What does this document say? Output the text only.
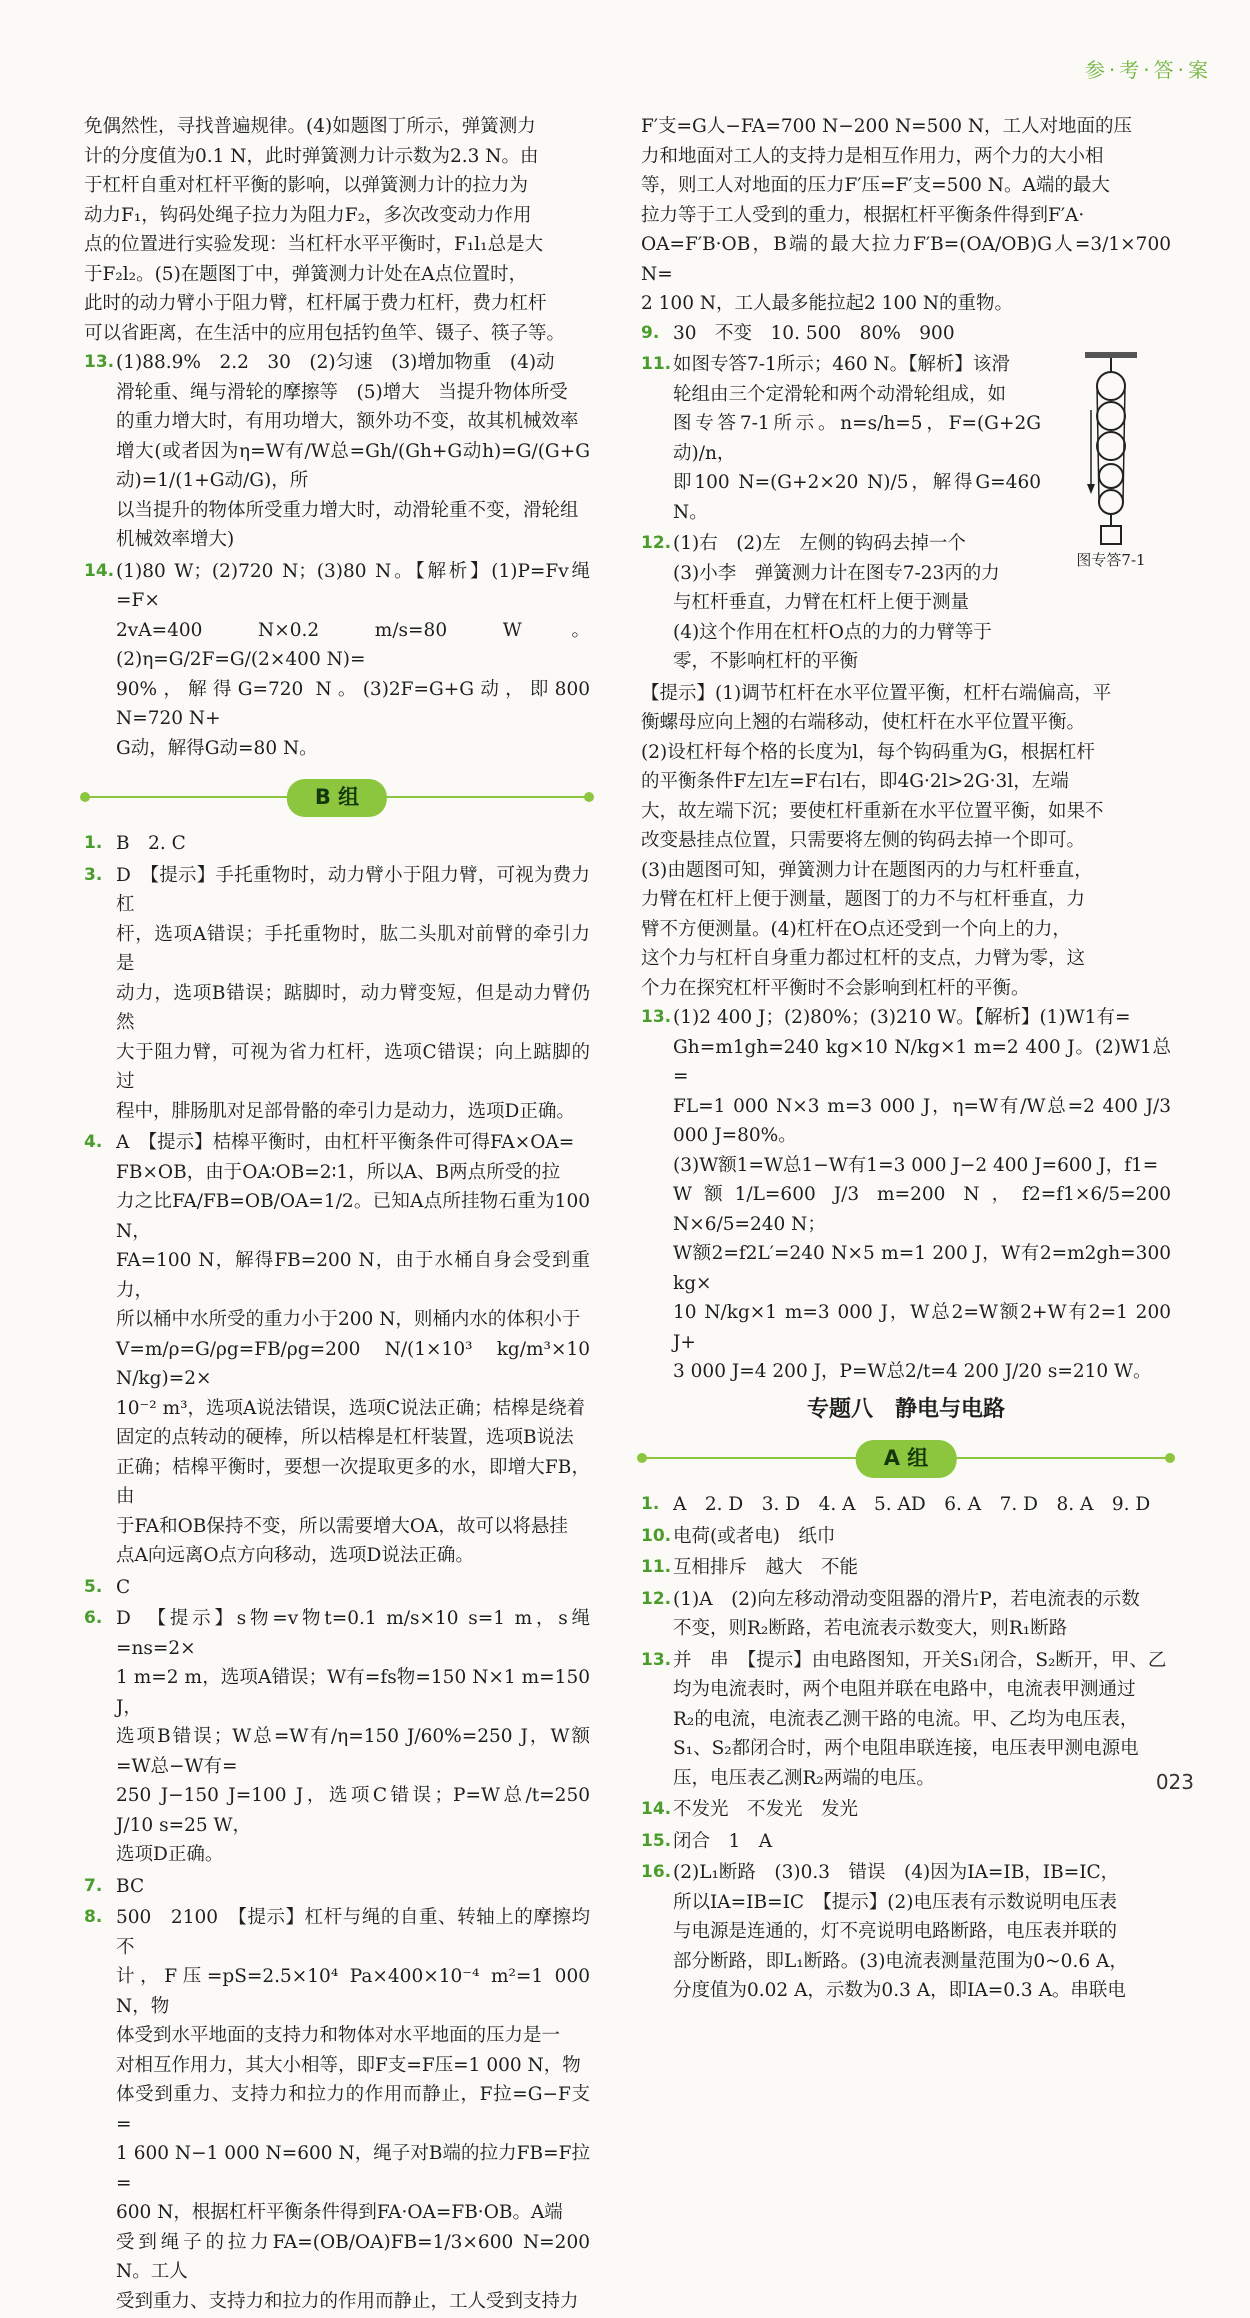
参·考·答·案
免偶然性，寻找普遍规律。(4)如题图丁所示，弹簧测力
计的分度值为0.1 N，此时弹簧测力计示数为2.3 N。由
于杠杆自重对杠杆平衡的影响，以弹簧测力计的拉力为
动力F₁，钩码处绳子拉力为阻力F₂，多次改变动力作用
点的位置进行实验发现：当杠杆水平平衡时，F₁l₁总是大
于F₂l₂。(5)在题图丁中，弹簧测力计处在A点位置时，
此时的动力臂小于阻力臂，杠杆属于费力杠杆，费力杠杆
可以省距离，在生活中的应用包括钓鱼竿、镊子、筷子等。
13. (1)88.9%　2.2　30　(2)匀速　(3)增加物重　(4)动
滑轮重、绳与滑轮的摩擦等　(5)增大　当提升物体所受
的重力增大时，有用功增大，额外功不变，故其机械效率
增大(或者因为η=W有/W总=Gh/(Gh+G动h)=G/(G+G动)=1/(1+G动/G)，所
以当提升的物体所受重力增大时，动滑轮重不变，滑轮组
机械效率增大)
14. (1)80 W；(2)720 N；(3)80 N。【解析】(1)P=Fv绳=F×
2vA=400 N×0.2 m/s=80 W。(2)η=G/2F=G/(2×400 N)=
90%，解得G=720 N。(3)2F=G+G动，即800 N=720 N+
G动，解得G动=80 N。
B 组
1. B　2. C
3. D　【提示】手托重物时，动力臂小于阻力臂，可视为费力杠
杆，选项A错误；手托重物时，肱二头肌对前臂的牵引力是
动力，选项B错误；踮脚时，动力臂变短，但是动力臂仍然
大于阻力臂，可视为省力杠杆，选项C错误；向上踮脚的过
程中，腓肠肌对足部骨骼的牵引力是动力，选项D正确。
4. A　【提示】桔槔平衡时，由杠杆平衡条件可得FA×OA=
FB×OB，由于OA∶OB=2∶1，所以A、B两点所受的拉
力之比FA/FB=OB/OA=1/2。已知A点所挂物石重为100 N，
FA=100 N，解得FB=200 N，由于水桶自身会受到重力，
所以桶中水所受的重力小于200 N，则桶内水的体积小于
V=m/ρ=G/ρg=FB/ρg=200 N/(1×10³ kg/m³×10 N/kg)=2×
10⁻² m³，选项A说法错误，选项C说法正确；桔槔是绕着
固定的点转动的硬棒，所以桔槔是杠杆装置，选项B说法
正确；桔槔平衡时，要想一次提取更多的水，即增大FB，由
于FA和OB保持不变，所以需要增大OA，故可以将悬挂
点A向远离O点方向移动，选项D说法正确。
5. C
6. D　【提示】s物=v物t=0.1 m/s×10 s=1 m，s绳=ns=2×
1 m=2 m，选项A错误；W有=fs物=150 N×1 m=150 J，
选项B错误；W总=W有/η=150 J/60%=250 J，W额=W总−W有=
250 J−150 J=100 J，选项C错误；P=W总/t=250 J/10 s=25 W，
选项D正确。
7. BC
8. 500　2100　【提示】杠杆与绳的自重、转轴上的摩擦均不
计，F压=pS=2.5×10⁴ Pa×400×10⁻⁴ m²=1 000 N，物
体受到水平地面的支持力和物体对水平地面的压力是一
对相互作用力，其大小相等，即F支=F压=1 000 N，物
体受到重力、支持力和拉力的作用而静止，F拉=G−F支=
1 600 N−1 000 N=600 N，绳子对B端的拉力FB=F拉=
600 N，根据杠杆平衡条件得到FA·OA=FB·OB。A端
受到绳子的拉力FA=(OB/OA)FB=1/3×600 N=200 N。工人
受到重力、支持力和拉力的作用而静止，工人受到支持力
F′支=G人−FA=700 N−200 N=500 N，工人对地面的压
力和地面对工人的支持力是相互作用力，两个力的大小相
等，则工人对地面的压力F′压=F′支=500 N。A端的最大
拉力等于工人受到的重力，根据杠杆平衡条件得到F′A·
OA=F′B·OB，B端的最大拉力F′B=(OA/OB)G人=3/1×700 N=
2 100 N，工人最多能拉起2 100 N的重物。
9. 30　不变　10. 500　80%　900
图专答7-1
11. 如图专答7-1所示；460 N。【解析】该滑
轮组由三个定滑轮和两个动滑轮组成，如
图专答7-1所示。n=s/h=5，F=(G+2G动)/n，
即100 N=(G+2×20 N)/5，解得G=460 N。
12. (1)右　(2)左　左侧的钩码去掉一个
(3)小李　弹簧测力计在图专7-23丙的力
与杠杆垂直，力臂在杠杆上便于测量
(4)这个作用在杠杆O点的力的力臂等于
零，不影响杠杆的平衡
【提示】(1)调节杠杆在水平位置平衡，杠杆右端偏高，平
衡螺母应向上翘的右端移动，使杠杆在水平位置平衡。
(2)设杠杆每个格的长度为l，每个钩码重为G，根据杠杆
的平衡条件F左l左=F右l右，即4G·2l>2G·3l，左端
大，故左端下沉；要使杠杆重新在水平位置平衡，如果不
改变悬挂点位置，只需要将左侧的钩码去掉一个即可。
(3)由题图可知，弹簧测力计在题图丙的力与杠杆垂直，
力臂在杠杆上便于测量，题图丁的力不与杠杆垂直，力
臂不方便测量。(4)杠杆在O点还受到一个向上的力，
这个力与杠杆自身重力都过杠杆的支点，力臂为零，这
个力在探究杠杆平衡时不会影响到杠杆的平衡。
13. (1)2 400 J；(2)80%；(3)210 W。【解析】(1)W1有=
Gh=m1gh=240 kg×10 N/kg×1 m=2 400 J。(2)W1总=
FL=1 000 N×3 m=3 000 J，η=W有/W总=2 400 J/3 000 J=80%。
(3)W额1=W总1−W有1=3 000 J−2 400 J=600 J，f1=
W额1/L=600 J/3 m=200 N，f2=f1×6/5=200 N×6/5=240 N；
W额2=f2L′=240 N×5 m=1 200 J，W有2=m2gh=300 kg×
10 N/kg×1 m=3 000 J，W总2=W额2+W有2=1 200 J+
3 000 J=4 200 J，P=W总2/t=4 200 J/20 s=210 W。
专题八　静电与电路
A 组
1. A　2. D　3. D　4. A　5. AD　6. A　7. D　8. A　9. D
10. 电荷(或者电)　纸巾
11. 互相排斥　越大　不能
12. (1)A　(2)向左移动滑动变阻器的滑片P，若电流表的示数
不变，则R₂断路，若电流表示数变大，则R₁断路
13. 并　串　【提示】由电路图知，开关S₁闭合，S₂断开，甲、乙
均为电流表时，两个电阻并联在电路中，电流表甲测通过
R₂的电流，电流表乙测干路的电流。甲、乙均为电压表，
S₁、S₂都闭合时，两个电阻串联连接，电压表甲测电源电
压，电压表乙测R₂两端的电压。
14. 不发光　不发光　发光
15. 闭合　1　A
16. (2)L₁断路　(3)0.3　错误　(4)因为IA=IB，IB=IC，
所以IA=IB=IC　【提示】(2)电压表有示数说明电压表
与电源是连通的，灯不亮说明电路断路，电压表并联的
部分断路，即L₁断路。(3)电流表测量范围为0~0.6 A，
分度值为0.02 A，示数为0.3 A，即IA=0.3 A。串联电
023
